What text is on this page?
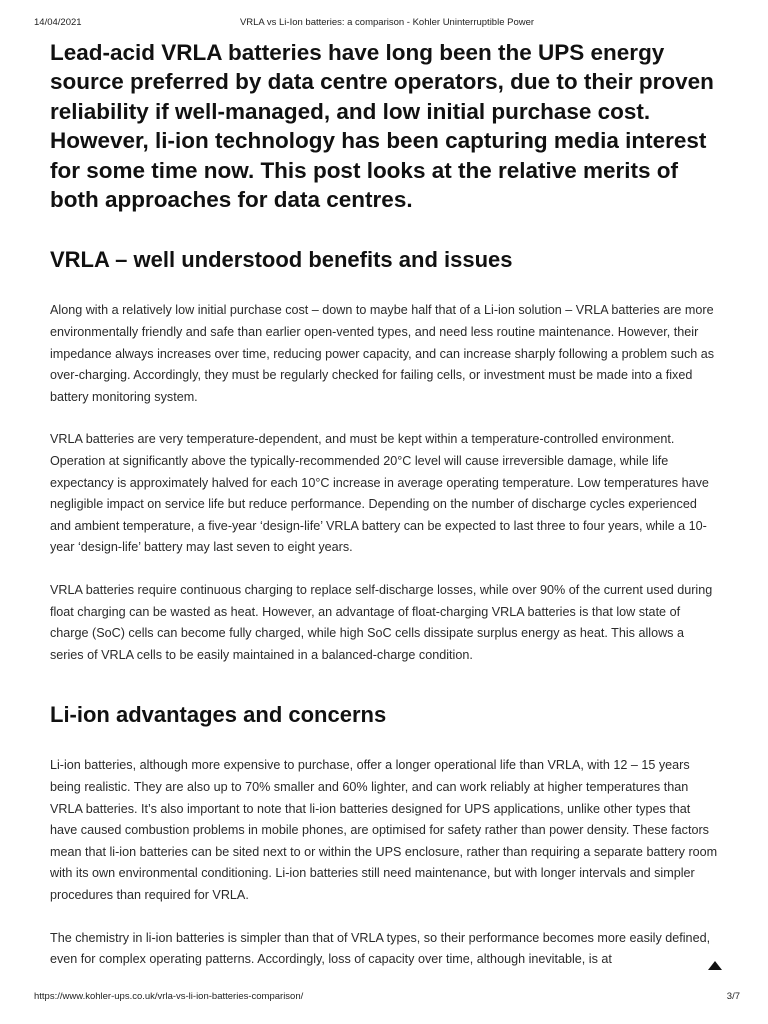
14/04/2021	VRLA vs Li-Ion batteries: a comparison - Kohler Uninterruptible Power

Lead-acid VRLA batteries have long been the UPS energy source preferred by data centre operators, due to their proven reliability if well-managed, and low initial purchase cost. However, li-ion technology has been capturing media interest for some time now. This post looks at the relative merits of both approaches for data centres.

VRLA – well understood benefits and issues

Along with a relatively low initial purchase cost – down to maybe half that of a Li-ion solution – VRLA batteries are more environmentally friendly and safe than earlier open-vented types, and need less routine maintenance. However, their impedance always increases over time, reducing power capacity, and can increase sharply following a problem such as over-charging. Accordingly, they must be regularly checked for failing cells, or investment must be made into a fixed battery monitoring system.

VRLA batteries are very temperature-dependent, and must be kept within a temperature-controlled environment. Operation at significantly above the typically-recommended 20°C level will cause irreversible damage, while life expectancy is approximately halved for each 10°C increase in average operating temperature. Low temperatures have negligible impact on service life but reduce performance. Depending on the number of discharge cycles experienced and ambient temperature, a five-year ‘design-life’ VRLA battery can be expected to last three to four years, while a 10-year ‘design-life’ battery may last seven to eight years.

VRLA batteries require continuous charging to replace self-discharge losses, while over 90% of the current used during float charging can be wasted as heat. However, an advantage of float-charging VRLA batteries is that low state of charge (SoC) cells can become fully charged, while high SoC cells dissipate surplus energy as heat. This allows a series of VRLA cells to be easily maintained in a balanced-charge condition.

Li-ion advantages and concerns

Li-ion batteries, although more expensive to purchase, offer a longer operational life than VRLA, with 12 – 15 years being realistic. They are also up to 70% smaller and 60% lighter, and can work reliably at higher temperatures than VRLA batteries. It’s also important to note that li-ion batteries designed for UPS applications, unlike other types that have caused combustion problems in mobile phones, are optimised for safety rather than power density. These factors mean that li-ion batteries can be sited next to or within the UPS enclosure, rather than requiring a separate battery room with its own environmental conditioning. Li-ion batteries still need maintenance, but with longer intervals and simpler procedures than required for VRLA.

The chemistry in li-ion batteries is simpler than that of VRLA types, so their performance becomes more easily defined, even for complex operating patterns. Accordingly, loss of capacity over time, although inevitable, is at

https://www.kohler-ups.co.uk/vrla-vs-li-ion-batteries-comparison/	3/7
